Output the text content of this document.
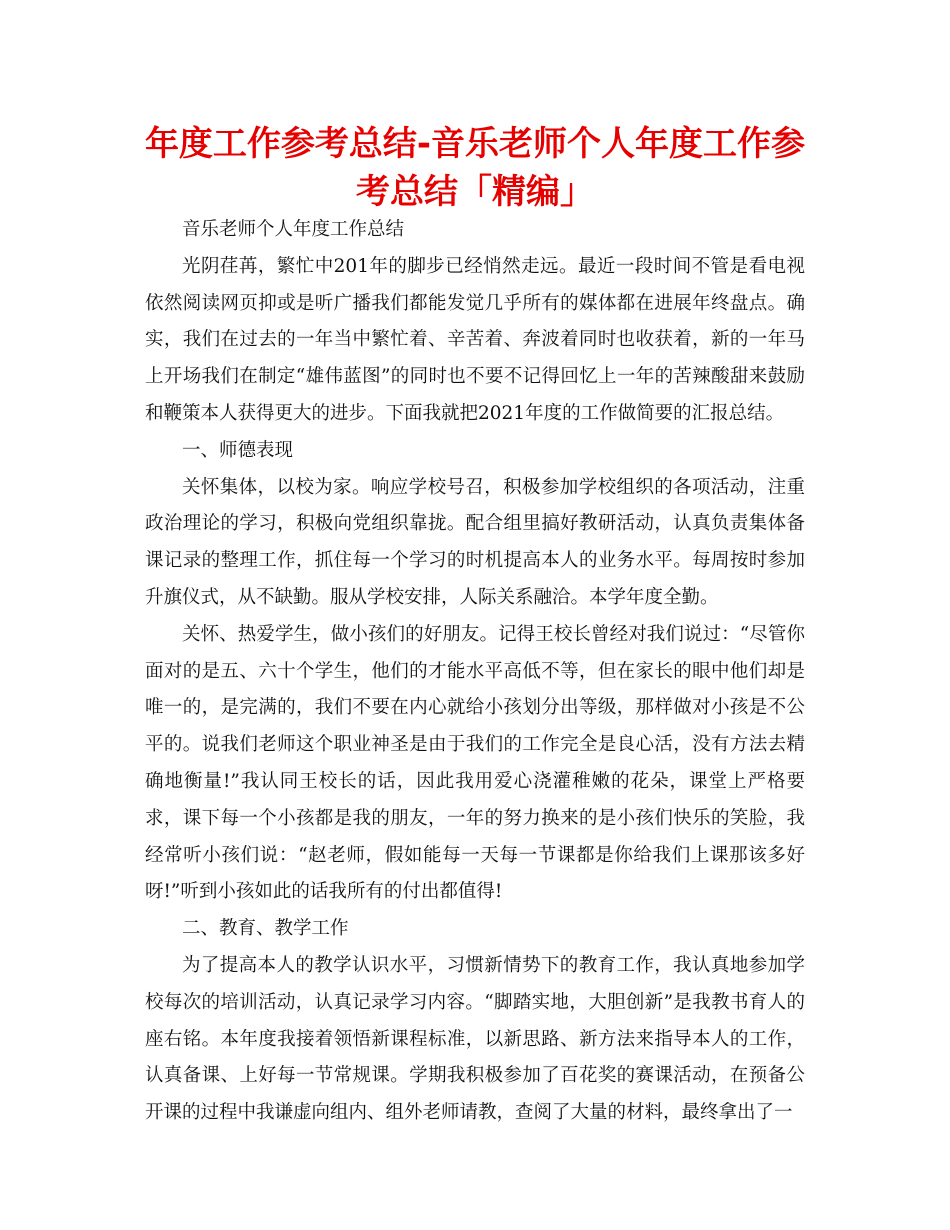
年度工作参考总结-音乐老师个人年度工作参考总结「精编」

音乐老师个人年度工作总结

光阴荏苒，繁忙中201年的脚步已经悄然走远。最近一段时间不管是看电视依然阅读网页抑或是听广播我们都能发觉几乎所有的媒体都在进展年终盘点。确实，我们在过去的一年当中繁忙着、辛苦着、奔波着同时也收获着，新的一年马上开场我们在制定“雄伟蓝图”的同时也不要不记得回忆上一年的苦辣酸甜来鼓励和鞭策本人获得更大的进步。下面我就把2021年度的工作做简要的汇报总结。

一、师德表现

关怀集体，以校为家。响应学校号召，积极参加学校组织的各项活动，注重政治理论的学习，积极向党组织靠拢。配合组里搞好教研活动，认真负责集体备课记录的整理工作，抓住每一个学习的时机提高本人的业务水平。每周按时参加升旗仪式，从不缺勤。服从学校安排，人际关系融洽。本学年度全勤。

关怀、热爱学生，做小孩们的好朋友。记得王校长曾经对我们说过：“尽管你面对的是五、六十个学生，他们的才能水平高低不等，但在家长的眼中他们却是唯一的，是完满的，我们不要在内心就给小孩划分出等级，那样做对小孩是不公平的。说我们老师这个职业神圣是由于我们的工作完全是良心活，没有方法去精确地衡量!”我认同王校长的话，因此我用爱心浇灌稚嫩的花朵，课堂上严格要求，课下每一个小孩都是我的朋友，一年的努力换来的是小孩们快乐的笑脸，我经常听小孩们说：“赵老师，假如能每一天每一节课都是你给我们上课那该多好呀!”听到小孩如此的话我所有的付出都值得!

二、教育、教学工作

为了提高本人的教学认识水平，习惯新情势下的教育工作，我认真地参加学校每次的培训活动，认真记录学习内容。“脚踏实地，大胆创新”是我教书育人的座右铭。本年度我接着领悟新课程标准，以新思路、新方法来指导本人的工作，认真备课、上好每一节常规课。学期我积极参加了百花奖的赛课活动，在预备公开课的过程中我谦虚向组内、组外老师请教，查阅了大量的材料，最终拿出了一
